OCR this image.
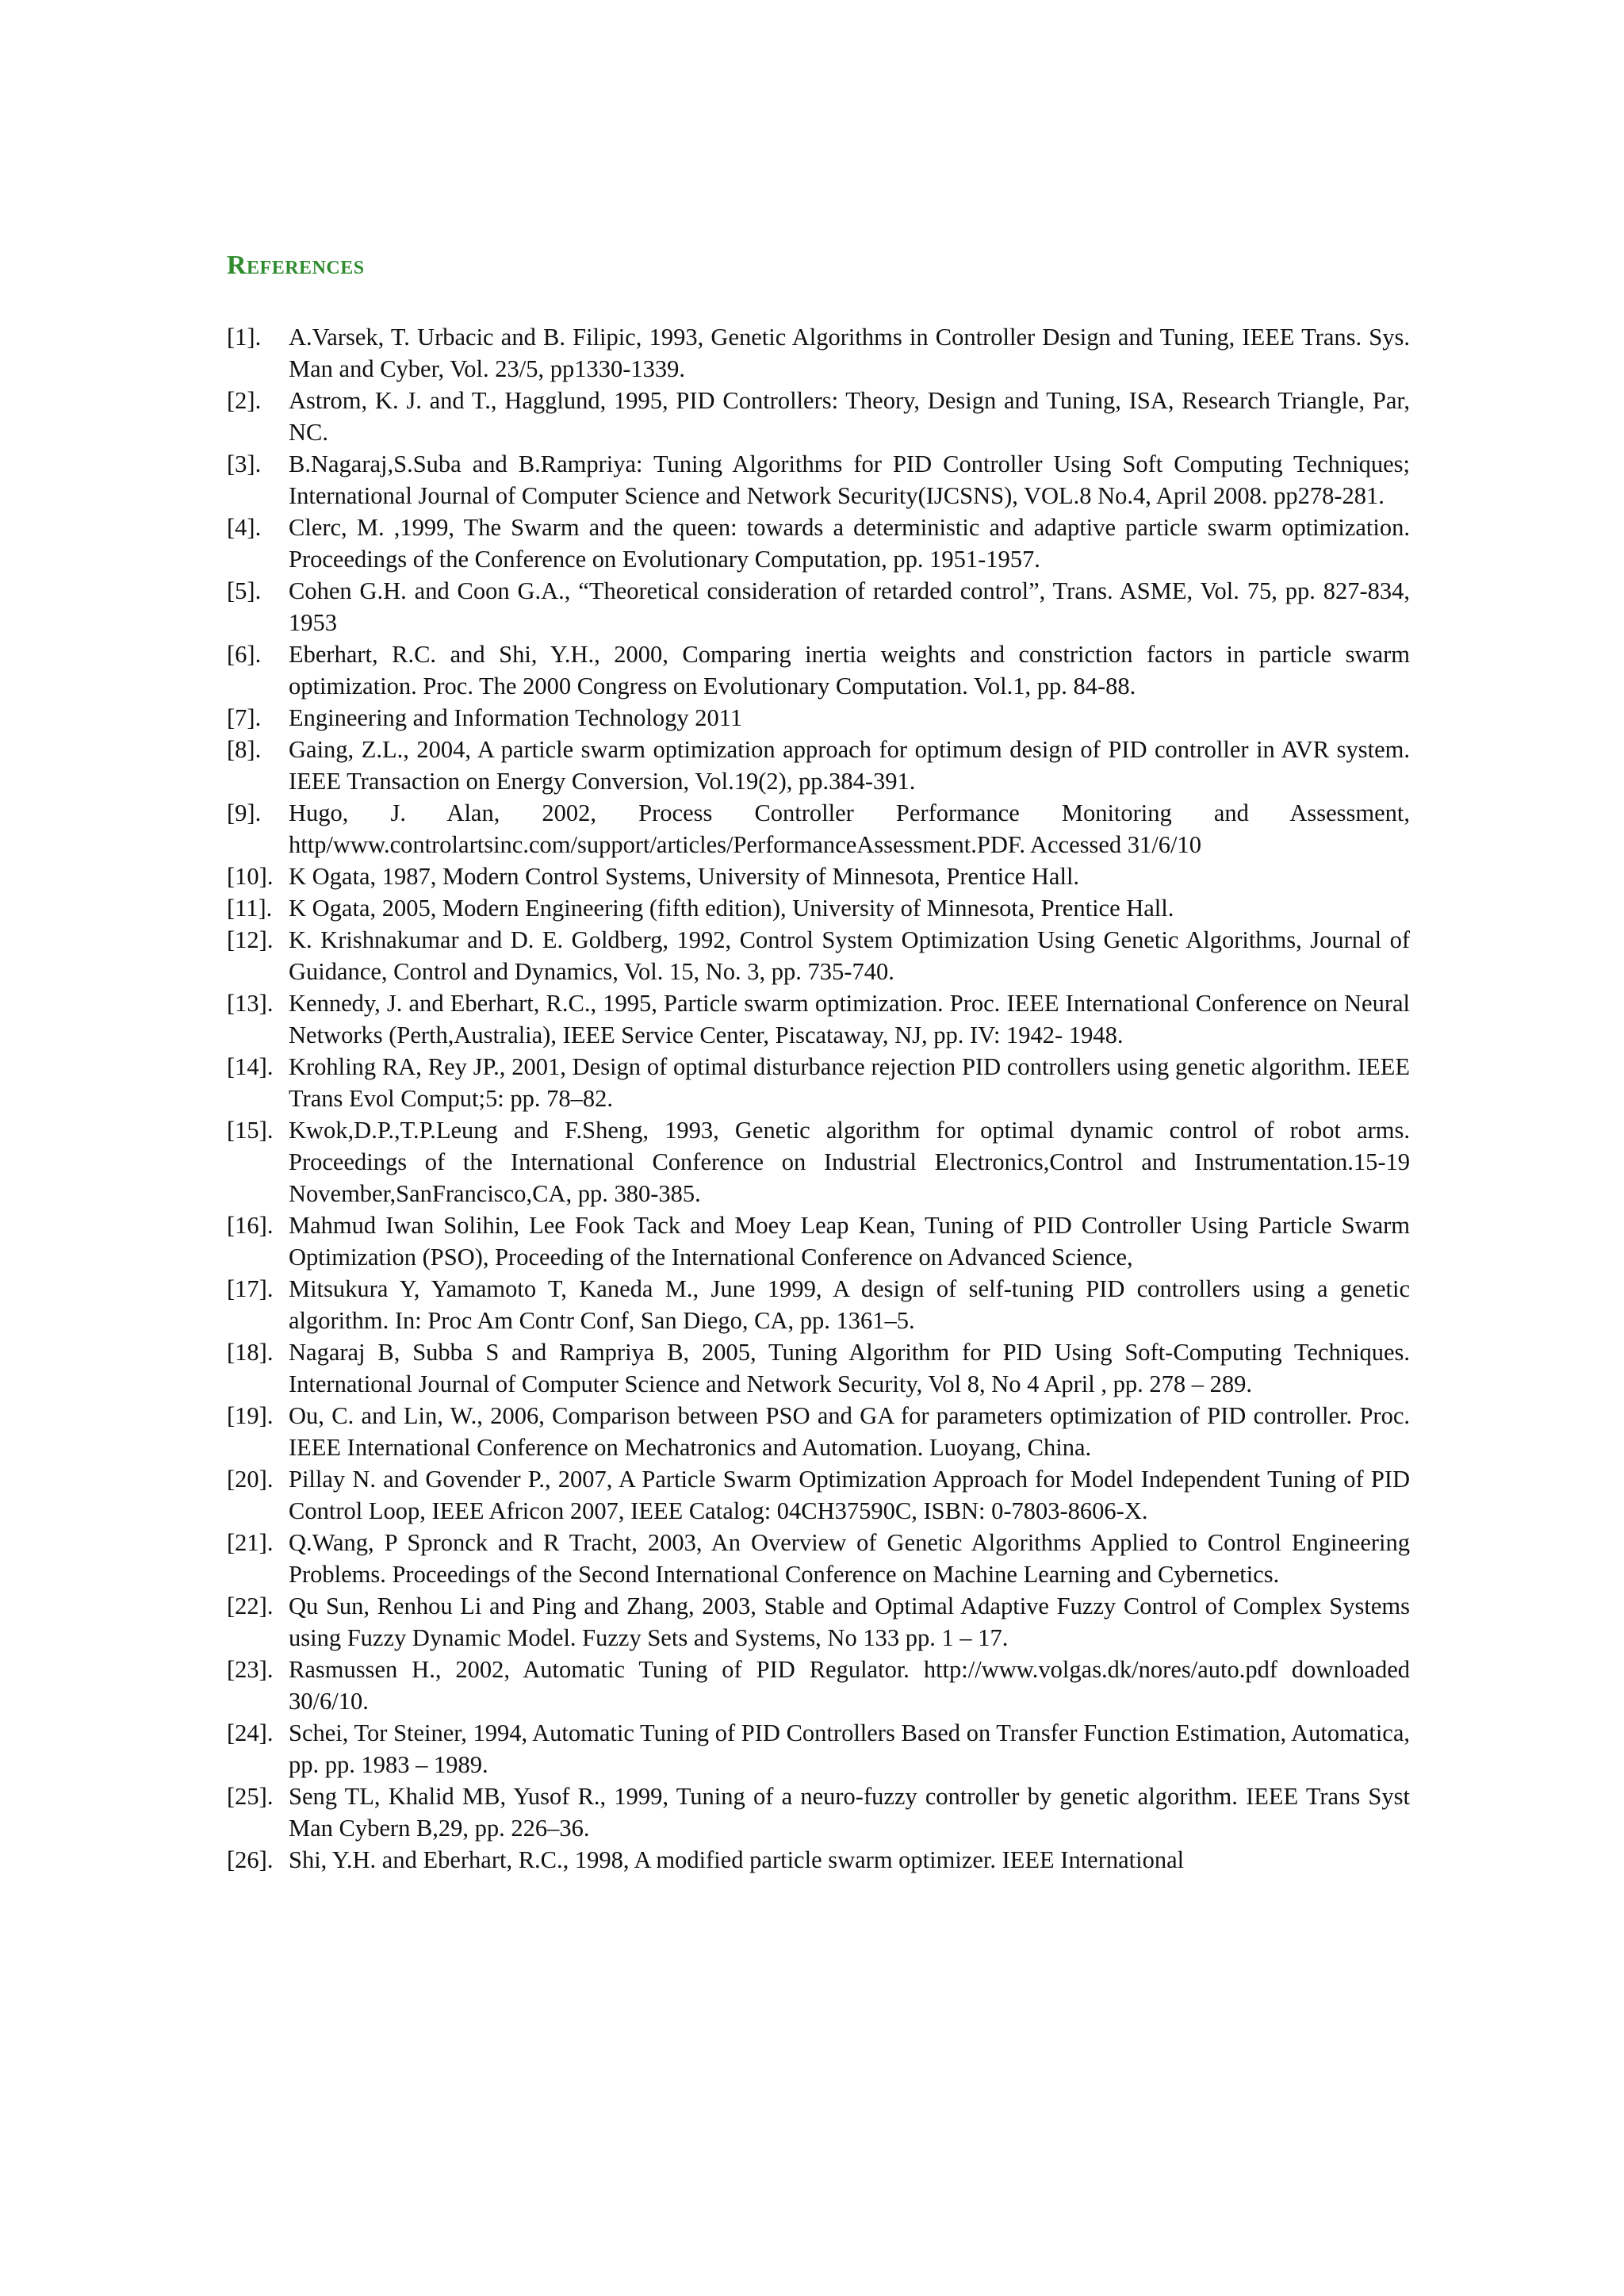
References
[1]. A.Varsek, T. Urbacic and B. Filipic, 1993, Genetic Algorithms in Controller Design and Tuning, IEEE Trans. Sys. Man and Cyber, Vol. 23/5, pp1330-1339.
[2]. Astrom, K. J. and T., Hagglund, 1995, PID Controllers: Theory, Design and Tuning, ISA, Research Triangle, Par, NC.
[3]. B.Nagaraj,S.Suba and B.Rampriya: Tuning Algorithms for PID Controller Using Soft Computing Techniques; International Journal of Computer Science and Network Security(IJCSNS), VOL.8 No.4, April 2008. pp278-281.
[4]. Clerc, M. ,1999, The Swarm and the queen: towards a deterministic and adaptive particle swarm optimization. Proceedings of the Conference on Evolutionary Computation, pp. 1951-1957.
[5]. Cohen G.H. and Coon G.A., “Theoretical consideration of retarded control”, Trans. ASME, Vol. 75, pp. 827-834, 1953
[6]. Eberhart, R.C. and Shi, Y.H., 2000, Comparing inertia weights and constriction factors in particle swarm optimization. Proc. The 2000 Congress on Evolutionary Computation. Vol.1, pp. 84-88.
[7]. Engineering and Information Technology 2011
[8]. Gaing, Z.L., 2004, A particle swarm optimization approach for optimum design of PID controller in AVR system. IEEE Transaction on Energy Conversion, Vol.19(2), pp.384-391.
[9]. Hugo, J. Alan, 2002, Process Controller Performance Monitoring and Assessment, http/www.controlartsinc.com/support/articles/PerformanceAssessment.PDF. Accessed 31/6/10
[10]. K Ogata, 1987, Modern Control Systems, University of Minnesota, Prentice Hall.
[11]. K Ogata, 2005, Modern Engineering (fifth edition), University of Minnesota, Prentice Hall.
[12]. K. Krishnakumar and D. E. Goldberg, 1992, Control System Optimization Using Genetic Algorithms, Journal of Guidance, Control and Dynamics, Vol. 15, No. 3, pp. 735-740.
[13]. Kennedy, J. and Eberhart, R.C., 1995, Particle swarm optimization. Proc. IEEE International Conference on Neural Networks (Perth,Australia), IEEE Service Center, Piscataway, NJ, pp. IV: 1942- 1948.
[14]. Krohling RA, Rey JP., 2001, Design of optimal disturbance rejection PID controllers using genetic algorithm. IEEE Trans Evol Comput;5: pp. 78–82.
[15]. Kwok,D.P.,T.P.Leung and F.Sheng, 1993, Genetic algorithm for optimal dynamic control of robot arms. Proceedings of the International Conference on Industrial Electronics,Control and Instrumentation.15-19 November,SanFrancisco,CA, pp. 380-385.
[16]. Mahmud Iwan Solihin, Lee Fook Tack and Moey Leap Kean, Tuning of PID Controller Using Particle Swarm Optimization (PSO), Proceeding of the International Conference on Advanced Science,
[17]. Mitsukura Y, Yamamoto T, Kaneda M., June 1999, A design of self-tuning PID controllers using a genetic algorithm. In: Proc Am Contr Conf, San Diego, CA, pp. 1361–5.
[18]. Nagaraj B, Subba S and Rampriya B, 2005, Tuning Algorithm for PID Using Soft-Computing Techniques. International Journal of Computer Science and Network Security, Vol 8, No 4 April , pp. 278 – 289.
[19]. Ou, C. and Lin, W., 2006, Comparison between PSO and GA for parameters optimization of PID controller. Proc. IEEE International Conference on Mechatronics and Automation. Luoyang, China.
[20]. Pillay N. and Govender P., 2007, A Particle Swarm Optimization Approach for Model Independent Tuning of PID Control Loop, IEEE Africon 2007, IEEE Catalog: 04CH37590C, ISBN: 0-7803-8606-X.
[21]. Q.Wang, P Spronck and R Tracht, 2003, An Overview of Genetic Algorithms Applied to Control Engineering Problems. Proceedings of the Second International Conference on Machine Learning and Cybernetics.
[22]. Qu Sun, Renhou Li and Ping and Zhang, 2003, Stable and Optimal Adaptive Fuzzy Control of Complex Systems using Fuzzy Dynamic Model. Fuzzy Sets and Systems, No 133 pp. 1 – 17.
[23]. Rasmussen H., 2002, Automatic Tuning of PID Regulator. http://www.volgas.dk/nores/auto.pdf downloaded 30/6/10.
[24]. Schei, Tor Steiner, 1994, Automatic Tuning of PID Controllers Based on Transfer Function Estimation, Automatica, pp. pp. 1983 – 1989.
[25]. Seng TL, Khalid MB, Yusof R., 1999, Tuning of a neuro-fuzzy controller by genetic algorithm. IEEE Trans Syst Man Cybern B,29, pp. 226–36.
[26]. Shi, Y.H. and Eberhart, R.C., 1998, A modified particle swarm optimizer. IEEE International
